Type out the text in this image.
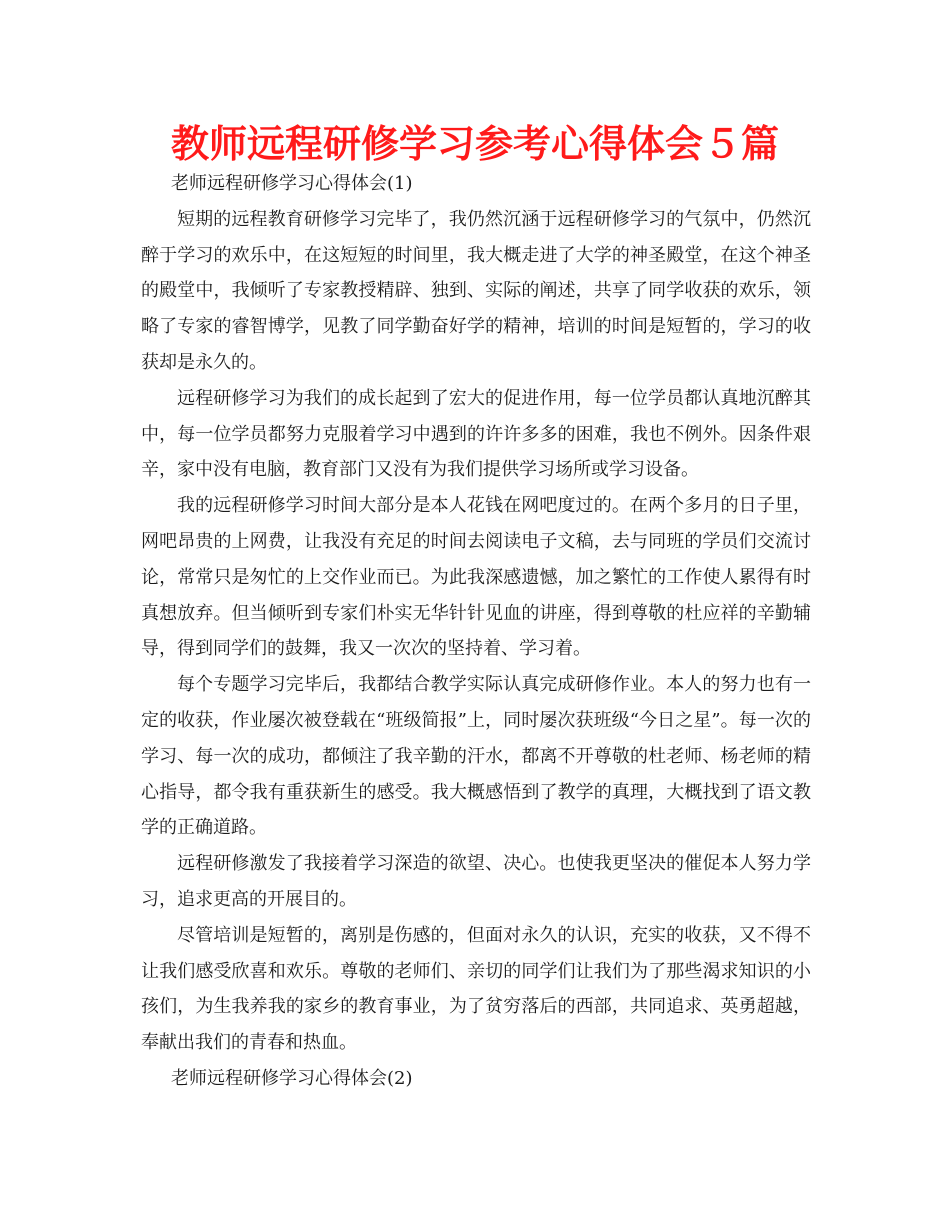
教师远程研修学习参考心得体会５篇

老师远程研修学习心得体会(1)

短期的远程教育研修学习完毕了，我仍然沉涵于远程研修学习的气氛中，仍然沉醉于学习的欢乐中，在这短短的时间里，我大概走进了大学的神圣殿堂，在这个神圣的殿堂中，我倾听了专家教授精辟、独到、实际的阐述，共享了同学收获的欢乐，领略了专家的睿智博学，见教了同学勤奋好学的精神，培训的时间是短暂的，学习的收获却是永久的。

远程研修学习为我们的成长起到了宏大的促进作用，每一位学员都认真地沉醉其中，每一位学员都努力克服着学习中遇到的许许多多的困难，我也不例外。因条件艰辛，家中没有电脑，教育部门又没有为我们提供学习场所或学习设备。

我的远程研修学习时间大部分是本人花钱在网吧度过的。在两个多月的日子里，网吧昂贵的上网费，让我没有充足的时间去阅读电子文稿，去与同班的学员们交流讨论，常常只是匆忙的上交作业而已。为此我深感遗憾，加之繁忙的工作使人累得有时真想放弃。但当倾听到专家们朴实无华针针见血的讲座，得到尊敬的杜应祥的辛勤辅导，得到同学们的鼓舞，我又一次次的坚持着、学习着。

每个专题学习完毕后，我都结合教学实际认真完成研修作业。本人的努力也有一定的收获，作业屡次被登载在“班级简报”上，同时屡次获班级“今日之星”。每一次的学习、每一次的成功，都倾注了我辛勤的汗水，都离不开尊敬的杜老师、杨老师的精心指导，都令我有重获新生的感受。我大概感悟到了教学的真理，大概找到了语文教学的正确道路。

远程研修激发了我接着学习深造的欲望、决心。也使我更坚决的催促本人努力学习，追求更高的开展目的。

尽管培训是短暂的，离别是伤感的，但面对永久的认识，充实的收获，又不得不让我们感受欣喜和欢乐。尊敬的老师们、亲切的同学们让我们为了那些渴求知识的小孩们，为生我养我的家乡的教育事业，为了贫穷落后的西部，共同追求、英勇超越，奉献出我们的青春和热血。

老师远程研修学习心得体会(2)
